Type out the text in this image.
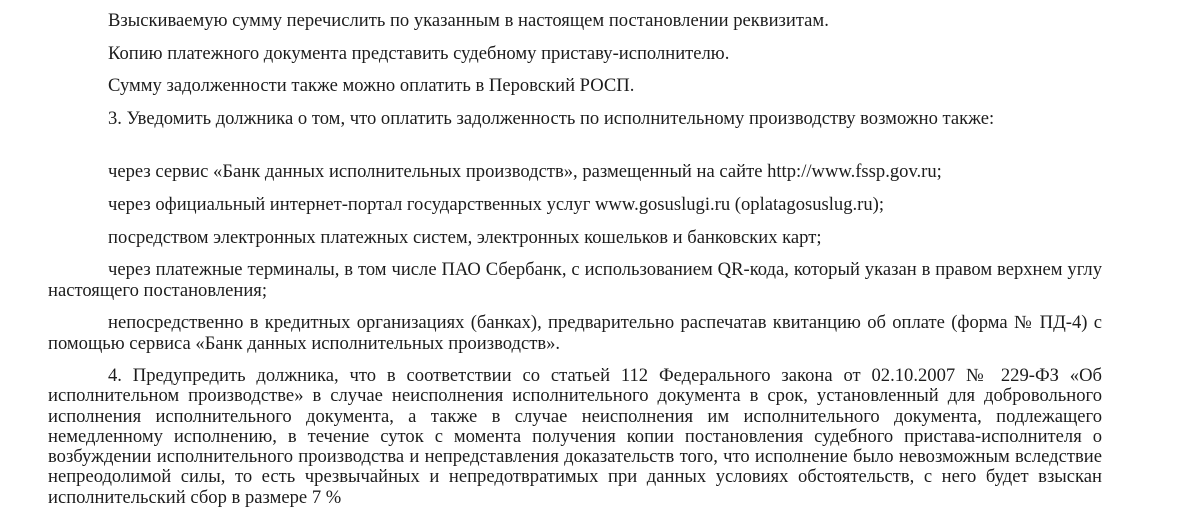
Взыскиваемую сумму перечислить по указанным в настоящем постановлении реквизитам.

Копию платежного документа представить судебному приставу-исполнителю.

Сумму задолженности также можно оплатить в Перовский РОСП.

3. Уведомить должника о том, что оплатить задолженность по исполнительному производству возможно также:

через сервис «Банк данных исполнительных производств», размещенный на сайте http://www.fssp.gov.ru;

через официальный интернет-портал государственных услуг www.gosuslugi.ru (oplatagosuslug.ru);

посредством электронных платежных систем, электронных кошельков и банковских карт;

через платежные терминалы, в том числе ПАО Сбербанк, с использованием QR-кода, который указан в правом верхнем углу настоящего постановления;

непосредственно в кредитных организациях (банках), предварительно распечатав квитанцию об оплате (форма № ПД-4) с помощью сервиса «Банк данных исполнительных производств».

4. Предупредить должника, что в соответствии со статьей 112 Федерального закона от 02.10.2007 № 229-ФЗ «Об исполнительном производстве» в случае неисполнения исполнительного документа в срок, установленный для добровольного исполнения исполнительного документа, а также в случае неисполнения им исполнительного документа, подлежащего немедленному исполнению, в течение суток с момента получения копии постановления судебного пристава-исполнителя о возбуждении исполнительного производства и непредставления доказательств того, что исполнение было невозможным вследствие непреодолимой силы, то есть чрезвычайных и непредотвратимых при данных условиях обстоятельств, с него будет взыскан исполнительский сбор в размере 7 %
